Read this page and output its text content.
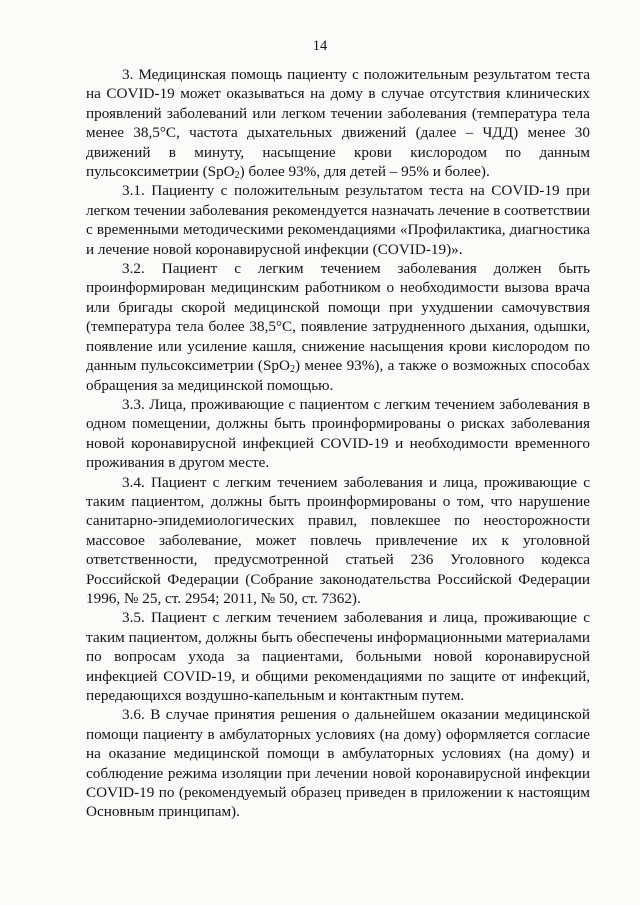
14

3. Медицинская помощь пациенту с положительным результатом теста на COVID-19 может оказываться на дому в случае отсутствия клинических проявлений заболеваний или легком течении заболевания (температура тела менее 38,5°С, частота дыхательных движений (далее – ЧДД) менее 30 движений в минуту, насыщение крови кислородом по данным пульсоксиметрии (SpO$_2$) более 93%, для детей – 95% и более).

3.1. Пациенту с положительным результатом теста на COVID-19 при легком течении заболевания рекомендуется назначать лечение в соответствии с временными методическими рекомендациями «Профилактика, диагностика и лечение новой коронавирусной инфекции (COVID-19)».

3.2. Пациент с легким течением заболевания должен быть проинформирован медицинским работником о необходимости вызова врача или бригады скорой медицинской помощи при ухудшении самочувствия (температура тела более 38,5°С, появление затрудненного дыхания, одышки, появление или усиление кашля, снижение насыщения крови кислородом по данным пульсоксиметрии (SpO$_2$) менее 93%), а также о возможных способах обращения за медицинской помощью.

3.3. Лица, проживающие с пациентом с легким течением заболевания в одном помещении, должны быть проинформированы о рисках заболевания новой коронавирусной инфекцией COVID-19 и необходимости временного проживания в другом месте.

3.4. Пациент с легким течением заболевания и лица, проживающие с таким пациентом, должны быть проинформированы о том, что нарушение санитарно-эпидемиологических правил, повлекшее по неосторожности массовое заболевание, может повлечь привлечение их к уголовной ответственности, предусмотренной статьей 236 Уголовного кодекса Российской Федерации (Собрание законодательства Российской Федерации 1996, № 25, ст. 2954; 2011, № 50, ст. 7362).

3.5. Пациент с легким течением заболевания и лица, проживающие с таким пациентом, должны быть обеспечены информационными материалами по вопросам ухода за пациентами, больными новой коронавирусной инфекцией COVID-19, и общими рекомендациями по защите от инфекций, передающихся воздушно-капельным и контактным путем.

3.6. В случае принятия решения о дальнейшем оказании медицинской помощи пациенту в амбулаторных условиях (на дому) оформляется согласие на оказание медицинской помощи в амбулаторных условиях (на дому) и соблюдение режима изоляции при лечении новой коронавирусной инфекции COVID-19 по (рекомендуемый образец приведен в приложении к настоящим Основным принципам).
